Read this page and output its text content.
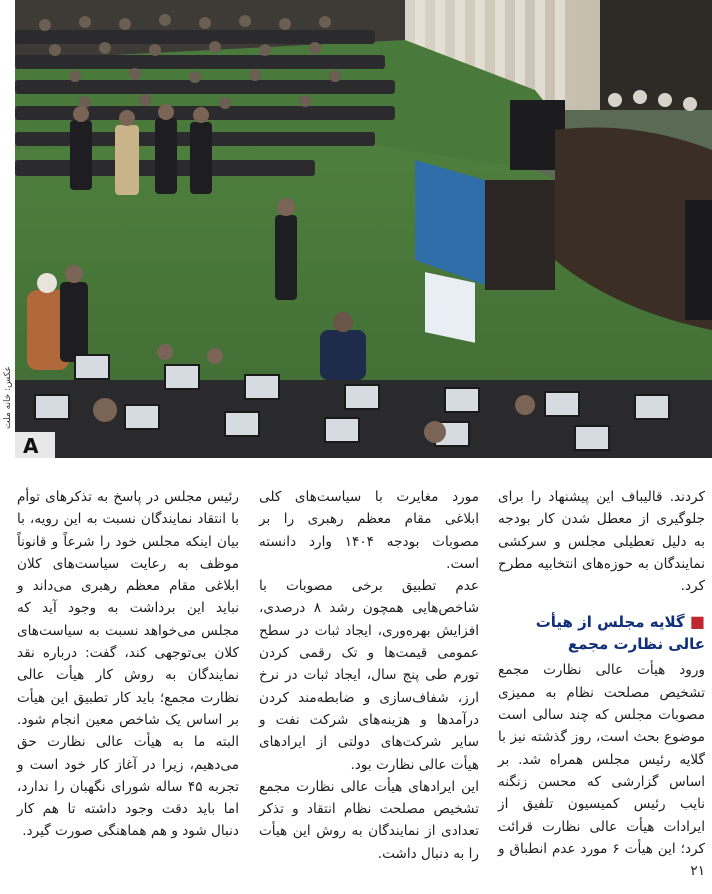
A
عکس: خانه ملت

کردند. قالیباف این پیشنهاد را برای جلوگیری از معطل شدن کار بودجه به دلیل تعطیلی مجلس و سرکشی نمایندگان به حوزه‌های انتخابیه مطرح کرد.

■ گلایه مجلس از هیأت عالی نظارت مجمع

ورود هیأت عالی نظارت مجمع تشخیص مصلحت نظام به ممیزی مصوبات مجلس که چند سالی است موضوع بحث است، روز گذشته نیز با گلایه رئیس مجلس همراه شد. بر اساس گزارشی که محسن زنگنه نایب رئیس کمیسیون تلفیق از ایرادات هیأت عالی نظارت قرائت کرد؛ این هیأت ۶ مورد عدم انطباق و ۲۱

مورد مغایرت با سیاست‌های کلی ابلاغی مقام معظم رهبری را بر مصوبات بودجه ۱۴۰۴ وارد دانسته است.

عدم تطبیق برخی مصوبات با شاخص‌هایی همچون رشد ۸ درصدی، افزایش بهره‌وری، ایجاد ثبات در سطح عمومی قیمت‌ها و تک رقمی کردن تورم طی پنج سال، ایجاد ثبات در نرخ ارز، شفاف‌سازی و ضابطه‌مند کردن درآمدها و هزینه‌های شرکت نفت و سایر شرکت‌های دولتی از ایرادهای هیأت عالی نظارت بود.

این ایرادهای هیأت عالی نظارت مجمع تشخیص مصلحت نظام انتقاد و تذکر تعدادی از نمایندگان به روش این هیأت را به دنبال داشت.

رئیس مجلس در پاسخ به تذکرهای توأم با انتقاد نمایندگان نسبت به این رویه، با بیان اینکه مجلس خود را شرعاً و قانوناً موظف به رعایت سیاست‌های کلان ابلاغی مقام معظم رهبری می‌داند و نباید این برداشت به وجود آید که مجلس می‌خواهد نسبت به سیاست‌های کلان بی‌توجهی کند، گفت: درباره نقد نمایندگان به روش کار هیأت عالی نظارت مجمع؛ باید کار تطبیق این هیأت بر اساس یک شاخص معین انجام شود. البته ما به هیأت عالی نظارت حق می‌دهیم، زیرا در آغاز کار خود است و تجربه ۴۵ ساله شورای نگهبان را ندارد، اما باید دقت وجود داشته تا هم کار دنبال شود و هم هماهنگی صورت گیرد.
